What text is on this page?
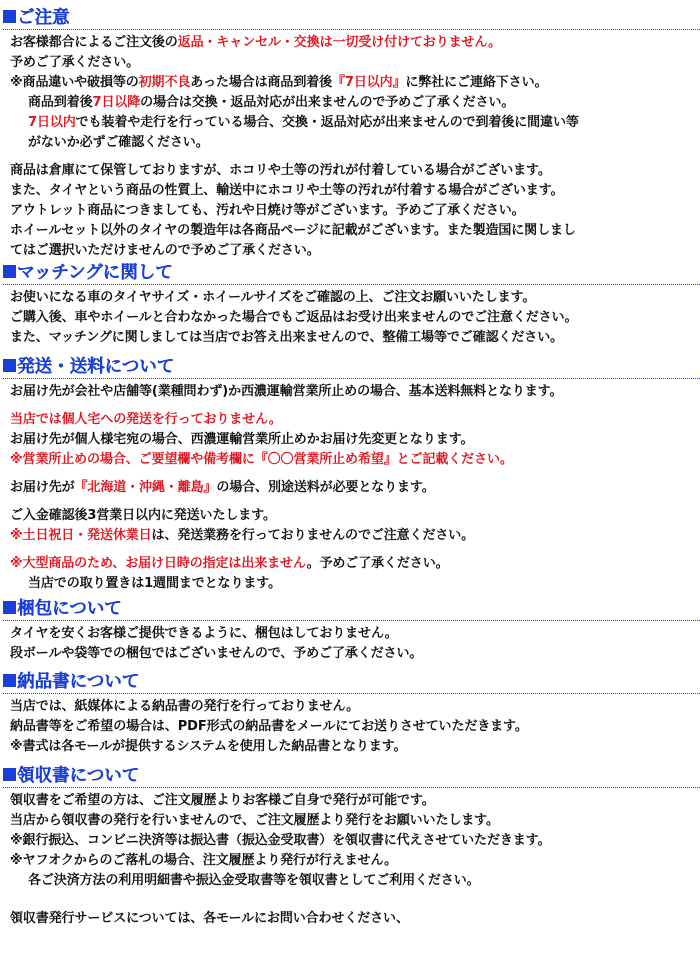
ご注意
お客様都合によるご注文後の返品・キャンセル・交換は一切受け付けておりません。
予めご了承ください。
※商品違いや破損等の初期不良あった場合は商品到着後『7日以内』に弊社にご連絡下さい。
商品到着後7日以降の場合は交換・返品対応が出来ませんので予めご了承ください。
7日以内でも装着や走行を行っている場合、交換・返品対応が出来ませんので到着後に間違い等
がないか必ずご確認ください。
商品は倉庫にて保管しておりますが、ホコリや土等の汚れが付着している場合がございます。
また、タイヤという商品の性質上、輸送中にホコリや土等の汚れが付着する場合がございます。
アウトレット商品につきましても、汚れや日焼け等がございます。予めご了承ください。
ホイールセット以外のタイヤの製造年は各商品ページに記載がございます。また製造国に関しまし
てはご選択いただけませんので予めご了承ください。
マッチングに関して
お使いになる車のタイヤサイズ・ホイールサイズをご確認の上、ご注文お願いいたします。
ご購入後、車やホイールと合わなかった場合でもご返品はお受け出来ませんのでご注意ください。
また、マッチングに関しましては当店でお答え出来ませんので、整備工場等でご確認ください。
発送・送料について
お届け先が会社や店舗等(業種問わず)か西濃運輸営業所止めの場合、基本送料無料となります。
当店では個人宅への発送を行っておりません。
お届け先が個人様宅宛の場合、西濃運輸営業所止めかお届け先変更となります。
※営業所止めの場合、ご要望欄や備考欄に『〇〇営業所止め希望』とご記載ください。
お届け先が『北海道・沖縄・離島』の場合、別途送料が必要となります。
ご入金確認後3営業日以内に発送いたします。
※土日祝日・発送休業日は、発送業務を行っておりませんのでご注意ください。
※大型商品のため、お届け日時の指定は出来ません。予めご了承ください。
当店での取り置きは1週間までとなります。
梱包について
タイヤを安くお客様ご提供できるように、梱包はしておりません。
段ボールや袋等での梱包ではございませんので、予めご了承ください。
納品書について
当店では、紙媒体による納品書の発行を行っておりません。
納品書等をご希望の場合は、PDF形式の納品書をメールにてお送りさせていただきます。
※書式は各モールが提供するシステムを使用した納品書となります。
領収書について
領収書をご希望の方は、ご注文履歴よりお客様ご自身で発行が可能です。
当店から領収書の発行を行いませんので、ご注文履歴より発行をお願いいたします。
※銀行振込、コンビニ決済等は振込書（振込金受取書）を領収書に代えさせていただきます。
※ヤフオクからのご落札の場合、注文履歴より発行が行えません。
各ご決済方法の利用明細書や振込金受取書等を領収書としてご利用ください。
領収書発行サービスについては、各モールにお問い合わせください、
